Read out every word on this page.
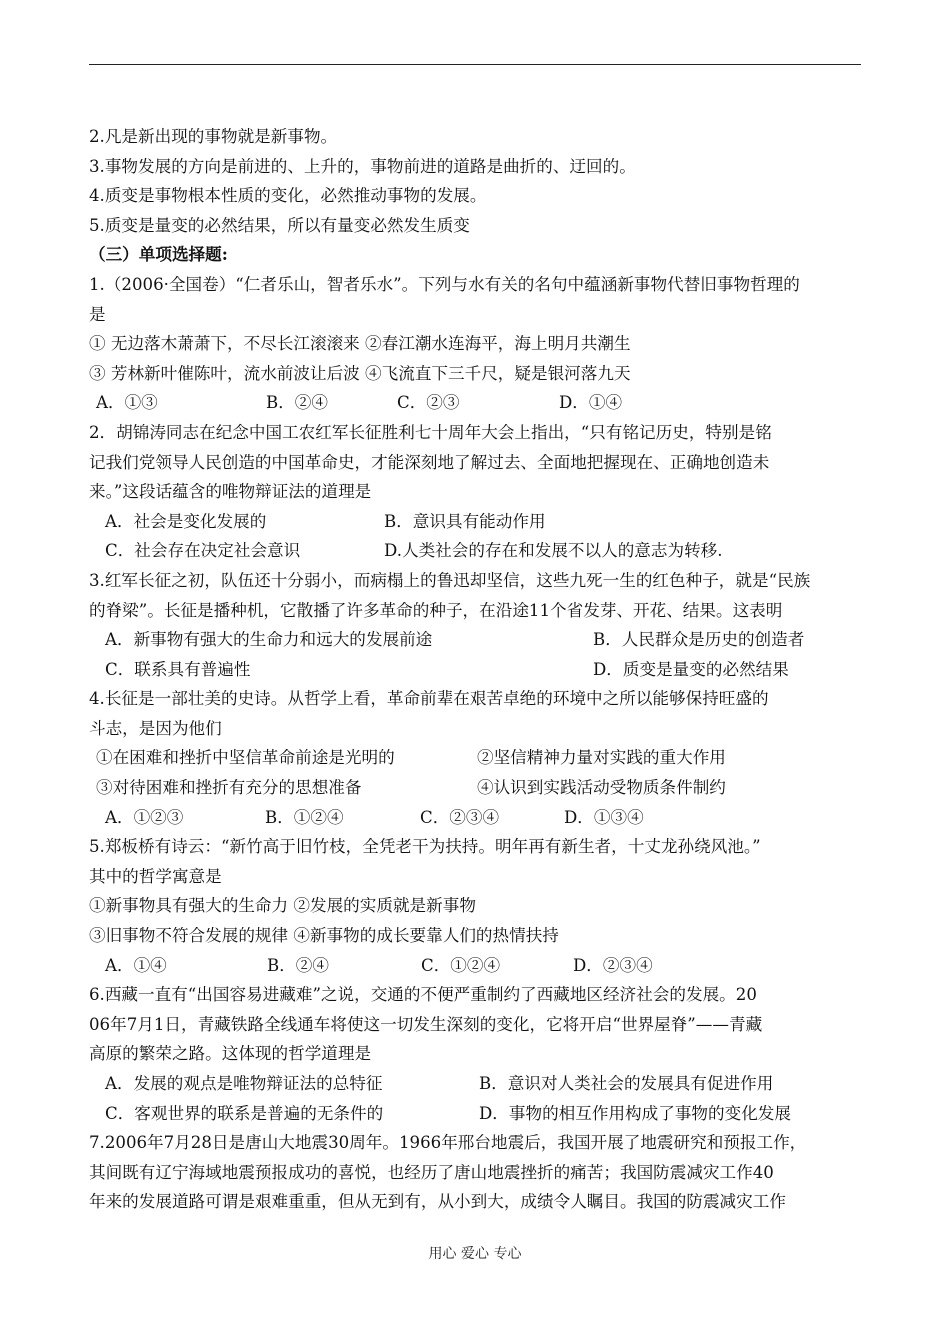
2.凡是新出现的事物就是新事物。
3.事物发展的方向是前进的、上升的，事物前进的道路是曲折的、迂回的。
4.质变是事物根本性质的变化，必然推动事物的发展。
5.质变是量变的必然结果，所以有量变必然发生质变
（三）单项选择题:
1.（2006·全国卷）“仁者乐山，智者乐水”。下列与水有关的名句中蕴涵新事物代替旧事物哲理的
是
① 无边落木萧萧下，不尽长江滚滚来 ②春江潮水连海平，海上明月共潮生
③ 芳林新叶催陈叶，流水前波让后波 ④飞流直下三千尺，疑是银河落九天
A．①③	B．②④	C．②③	D．①④
2．胡锦涛同志在纪念中国工农红军长征胜利七十周年大会上指出，“只有铭记历史，特别是铭
记我们党领导人民创造的中国革命史，才能深刻地了解过去、全面地把握现在、正确地创造未
来。”这段话蕴含的唯物辩证法的道理是
A．社会是变化发展的	B．意识具有能动作用
C．社会存在决定社会意识	D.人类社会的存在和发展不以人的意志为转移.
3.红军长征之初，队伍还十分弱小，而病榻上的鲁迅却坚信，这些九死一生的红色种子，就是“民族
的脊梁”。长征是播种机，它散播了许多革命的种子，在沿途11个省发芽、开花、结果。这表明
A．新事物有强大的生命力和远大的发展前途	B．人民群众是历史的创造者
C．联系具有普遍性	D．质变是量变的必然结果
4.长征是一部壮美的史诗。从哲学上看，革命前辈在艰苦卓绝的环境中之所以能够保持旺盛的
斗志，是因为他们
①在困难和挫折中坚信革命前途是光明的	②坚信精神力量对实践的重大作用
③对待困难和挫折有充分的思想准备	④认识到实践活动受物质条件制约
A．①②③	B．①②④	C．②③④	D．①③④
5.郑板桥有诗云：“新竹高于旧竹枝，全凭老干为扶持。明年再有新生者，十丈龙孙绕风池。”
其中的哲学寓意是
①新事物具有强大的生命力 ②发展的实质就是新事物
③旧事物不符合发展的规律 ④新事物的成长要靠人们的热情扶持
A．①④	B．②④	C．①②④	D．②③④
6.西藏一直有“出国容易进藏难”之说，交通的不便严重制约了西藏地区经济社会的发展。20
06年7月1日，青藏铁路全线通车将使这一切发生深刻的变化，它将开启“世界屋脊”——青藏
高原的繁荣之路。这体现的哲学道理是
A．发展的观点是唯物辩证法的总特征	B．意识对人类社会的发展具有促进作用
C．客观世界的联系是普遍的无条件的	D．事物的相互作用构成了事物的变化发展
7.2006年7月28日是唐山大地震30周年。1966年邢台地震后，我国开展了地震研究和预报工作，
其间既有辽宁海域地震预报成功的喜悦，也经历了唐山地震挫折的痛苦；我国防震减灾工作40
年来的发展道路可谓是艰难重重，但从无到有，从小到大，成绩令人瞩目。我国的防震减灾工作
用心 爱心 专心
